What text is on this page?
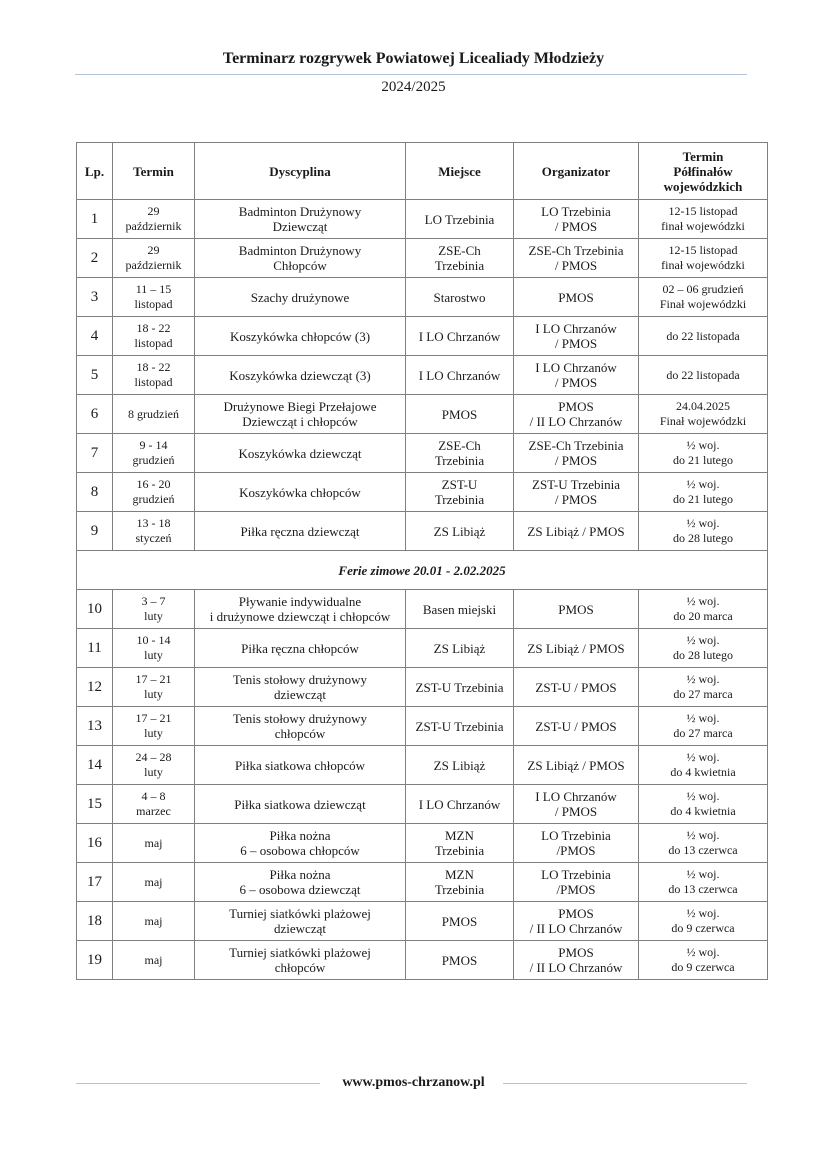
Terminarz rozgrywek Powiatowej Licealiady Młodzieży
2024/2025
Lp.	Termin	Dyscyplina	Miejsce	Organizator	Termin
Półfinałów
wojewódzkich
1	29
październik	Badminton Drużynowy
Dziewcząt	LO Trzebinia	LO Trzebinia
/ PMOS	12-15 listopad
finał wojewódzki
2	29
październik	Badminton Drużynowy
Chłopców	ZSE-Ch
Trzebinia	ZSE-Ch Trzebinia
/ PMOS	12-15 listopad
finał wojewódzki
3	11 – 15
listopad	Szachy drużynowe	Starostwo	PMOS	02 – 06 grudzień
Finał wojewódzki
4	18 - 22
listopad	Koszykówka chłopców (3)	I LO Chrzanów	I LO Chrzanów
/ PMOS	do 22 listopada
5	18 - 22
listopad	Koszykówka dziewcząt (3)	I LO Chrzanów	I LO Chrzanów
/ PMOS	do 22 listopada
6	8 grudzień	Drużynowe Biegi Przełajowe
Dziewcząt i chłopców	PMOS	PMOS
/ II LO Chrzanów	24.04.2025
Finał wojewódzki
7	9 - 14
grudzień	Koszykówka dziewcząt	ZSE-Ch
Trzebinia	ZSE-Ch Trzebinia
/ PMOS	½ woj.
do 21 lutego
8	16 - 20
grudzień	Koszykówka chłopców	ZST-U
Trzebinia	ZST-U Trzebinia
/ PMOS	½ woj.
do 21 lutego
9	13 - 18
styczeń	Piłka ręczna dziewcząt	ZS Libiąż	ZS Libiąż / PMOS	½ woj.
do 28 lutego
Ferie zimowe 20.01 - 2.02.2025					
10	3 – 7
luty	Pływanie indywidualne
i drużynowe dziewcząt i chłopców	Basen miejski	PMOS	½ woj.
do 20 marca
11	10 - 14
luty	Piłka ręczna chłopców	ZS Libiąż	ZS Libiąż / PMOS	½ woj.
do 28 lutego
12	17 – 21
luty	Tenis stołowy drużynowy
dziewcząt	ZST-U Trzebinia	ZST-U / PMOS	½ woj.
do 27 marca
13	17 – 21
luty	Tenis stołowy drużynowy
chłopców	ZST-U Trzebinia	ZST-U / PMOS	½ woj.
do 27 marca
14	24 – 28
luty	Piłka siatkowa chłopców	ZS Libiąż	ZS Libiąż / PMOS	½ woj.
do 4 kwietnia
15	4 – 8
marzec	Piłka siatkowa dziewcząt	I LO Chrzanów	I LO Chrzanów
/ PMOS	½ woj.
do 4 kwietnia
16	maj	Piłka nożna
6 – osobowa chłopców	MZN
Trzebinia	LO Trzebinia
/PMOS	½ woj.
do 13 czerwca
17	maj	Piłka nożna
6 – osobowa dziewcząt	MZN
Trzebinia	LO Trzebinia
/PMOS	½ woj.
do 13 czerwca
18	maj	Turniej siatkówki plażowej
dziewcząt	PMOS	PMOS
/ II LO Chrzanów	½ woj.
do 9 czerwca
19	maj	Turniej siatkówki plażowej
chłopców	PMOS	PMOS
/ II LO Chrzanów	½ woj.
do 9 czerwca
www.pmos-chrzanow.pl
